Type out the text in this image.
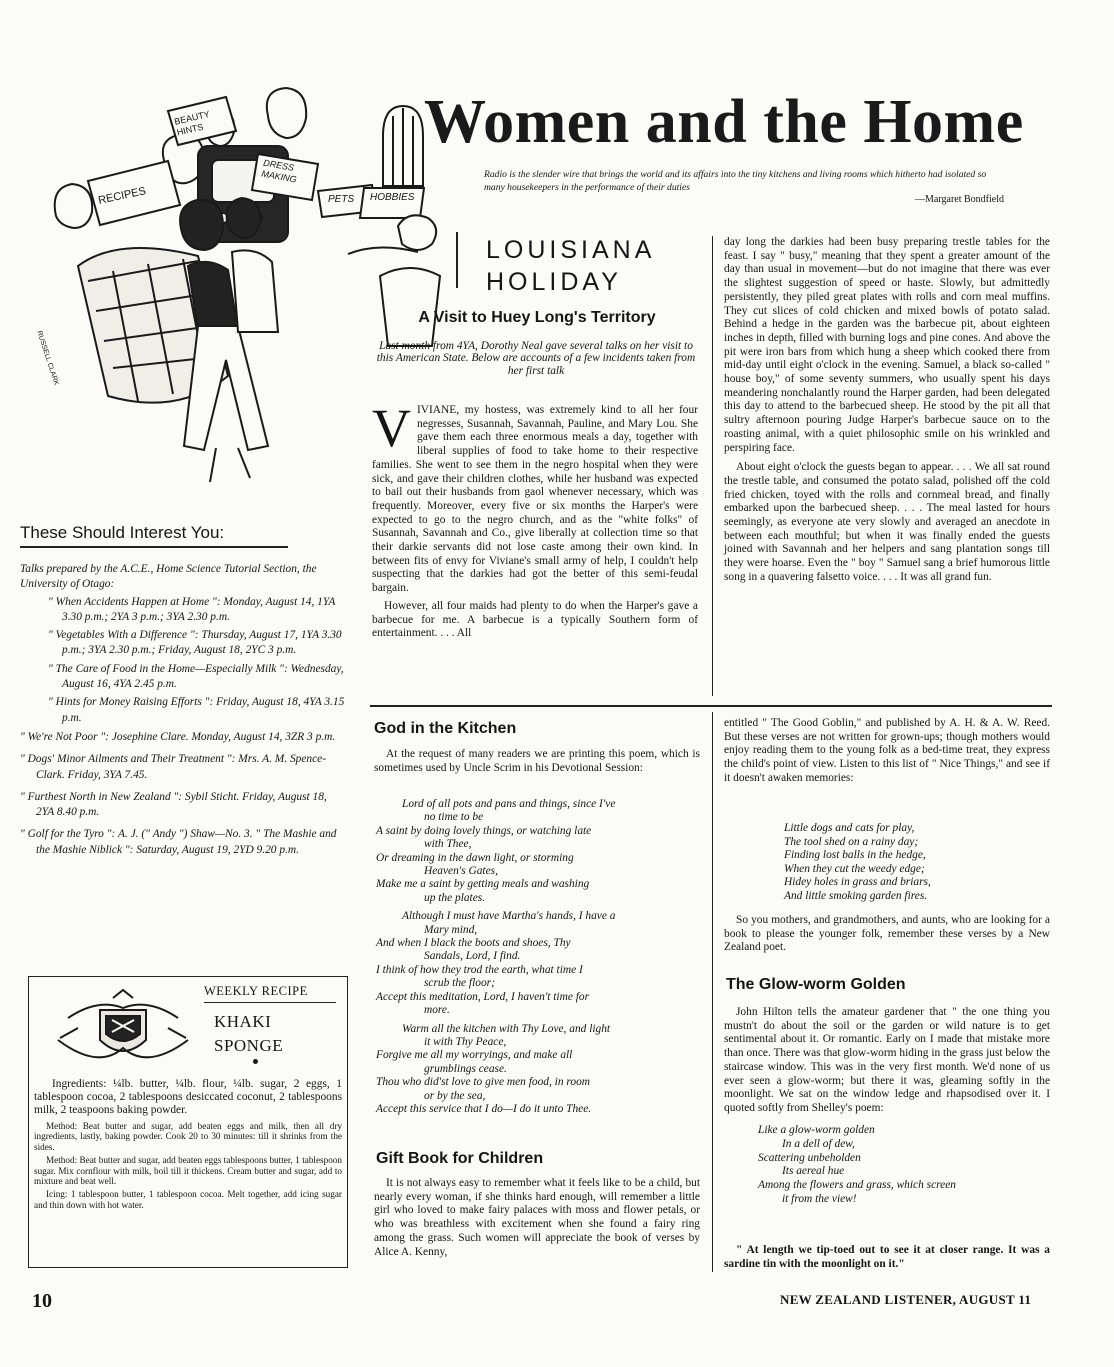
BEAUTY HINTS
RECIPES
DRESS MAKING
PETS HOBBIES
RUSSELL CLARK
Women and the Home

Radio is the slender wire that brings the world and its affairs into the tiny kitchens and living rooms which hitherto had isolated so many housekeepers in the performance of their duties

—Margaret Bondfield

LOUISIANA
HOLIDAY
A Visit to Huey Long's Territory

Last month from 4YA, Dorothy Neal gave several talks on her visit to this American State. Below are accounts of a few incidents taken from her first talk

VIVIANE, my hostess, was extremely kind to all her four negresses, Susannah, Savannah, Pauline, and Mary Lou. She gave them each three enormous meals a day, together with liberal supplies of food to take home to their respective families. She went to see them in the negro hospital when they were sick, and gave their children clothes, while her husband was expected to bail out their husbands from gaol whenever necessary, which was frequently. Moreover, every five or six months the Harper's were expected to go to the negro church, and as the "white folks" of Susannah, Savannah and Co., give liberally at collection time so that their darkie servants did not lose caste among their own kind. In between fits of envy for Viviane's small army of help, I couldn't help suspecting that the darkies had got the better of this semi-feudal bargain.

However, all four maids had plenty to do when the Harper's gave a barbecue for me. A barbecue is a typically Southern form of entertainment. . . . All

day long the darkies had been busy preparing trestle tables for the feast. I say " busy," meaning that they spent a greater amount of the day than usual in movement—but do not imagine that there was ever the slightest suggestion of speed or haste. Slowly, but admittedly persistently, they piled great plates with rolls and corn meal muffins. They cut slices of cold chicken and mixed bowls of potato salad. Behind a hedge in the garden was the barbecue pit, about eighteen inches in depth, filled with burning logs and pine cones. And above the pit were iron bars from which hung a sheep which cooked there from mid-day until eight o'clock in the evening. Samuel, a black so-called " house boy," of some seventy summers, who usually spent his days meandering nonchalantly round the Harper garden, had been delegated this day to attend to the barbecued sheep. He stood by the pit all that sultry afternoon pouring Judge Harper's barbecue sauce on to the roasting animal, with a quiet philosophic smile on his wrinkled and perspiring face.

About eight o'clock the guests began to appear. . . . We all sat round the trestle table, and consumed the potato salad, polished off the cold fried chicken, toyed with the rolls and cornmeal bread, and finally embarked upon the barbecued sheep. . . . The meal lasted for hours seemingly, as everyone ate very slowly and averaged an anecdote in between each mouthful; but when it was finally ended the guests joined with Savannah and her helpers and sang plantation songs till they were hoarse. Even the " boy " Samuel sang a brief humorous little song in a quavering falsetto voice. . . . It was all grand fun.

These Should Interest You:

Talks prepared by the A.C.E., Home Science Tutorial Section, the University of Otago:

" When Accidents Happen at Home ": Monday, August 14, 1YA 3.30 p.m.; 2YA 3 p.m.; 3YA 2.30 p.m.

" Vegetables With a Difference ": Thursday, August 17, 1YA 3.30 p.m.; 3YA 2.30 p.m.; Friday, August 18, 2YC 3 p.m.

" The Care of Food in the Home—Especially Milk ": Wednesday, August 16, 4YA 2.45 p.m.

" Hints for Money Raising Efforts ": Friday, August 18, 4YA 3.15 p.m.

" We're Not Poor ": Josephine Clare. Monday, August 14, 3ZR 3 p.m.

" Dogs' Minor Ailments and Their Treatment ": Mrs. A. M. Spence-Clark. Friday, 3YA 7.45.

" Furthest North in New Zealand ": Sybil Sticht. Friday, August 18, 2YA 8.40 p.m.

" Golf for the Tyro ": A. J. (" Andy ") Shaw—No. 3. " The Mashie and the Mashie Niblick ": Saturday, August 19, 2YD 9.20 p.m.

WEEKLY RECIPE
KHAKI
SPONGE

Ingredients: ¼lb. butter, ¼lb. flour, ¼lb. sugar, 2 eggs, 1 tablespoon cocoa, 2 tablespoons desiccated coconut, 2 tablespoons milk, 2 teaspoons baking powder.

Method: Beat butter and sugar, add beaten eggs and milk, then all dry ingredients, lastly, baking powder. Cook 20 to 30 minutes: till it shrinks from the sides.

Method: Beat butter and sugar, add beaten eggs tablespoons butter, 1 tablespoon sugar. Mix cornflour with milk, boil till it thickens. Cream butter and sugar, add to mixture and beat well.

Icing: 1 tablespoon butter, 1 tablespoon cocoa. Melt together, add icing sugar and thin down with hot water.

God in the Kitchen

At the request of many readers we are printing this poem, which is sometimes used by Uncle Scrim in his Devotional Session:

Lord of all pots and pans and things, since I've
no time to be
A saint by doing lovely things, or watching late
with Thee,
Or dreaming in the dawn light, or storming
Heaven's Gates,
Make me a saint by getting meals and washing
up the plates.
Although I must have Martha's hands, I have a
Mary mind,
And when I black the boots and shoes, Thy
Sandals, Lord, I find.
I think of how they trod the earth, what time I
scrub the floor;
Accept this meditation, Lord, I haven't time for
more.
Warm all the kitchen with Thy Love, and light
it with Thy Peace,
Forgive me all my worryings, and make all
grumblings cease.
Thou who did'st love to give men food, in room
or by the sea,
Accept this service that I do—I do it unto Thee.
Gift Book for Children

It is not always easy to remember what it feels like to be a child, but nearly every woman, if she thinks hard enough, will remember a little girl who loved to make fairy palaces with moss and flower petals, or who was breathless with excitement when she found a fairy ring among the grass. Such women will appreciate the book of verses by Alice A. Kenny,

entitled " The Good Goblin," and published by A. H. & A. W. Reed. But these verses are not written for grown-ups; though mothers would enjoy reading them to the young folk as a bed-time treat, they express the child's point of view. Listen to this list of " Nice Things," and see if it doesn't awaken memories:

Little dogs and cats for play,
The tool shed on a rainy day;
Finding lost balls in the hedge,
When they cut the weedy edge;
Hidey holes in grass and briars,
And little smoking garden fires.

So you mothers, and grandmothers, and aunts, who are looking for a book to please the younger folk, remember these verses by a New Zealand poet.

The Glow-worm Golden

John Hilton tells the amateur gardener that " the one thing you mustn't do about the soil or the garden or wild nature is to get sentimental about it. Or romantic. Early on I made that mistake more than once. There was that glow-worm hiding in the grass just below the staircase window. This was in the very first month. We'd none of us ever seen a glow-worm; but there it was, gleaming softly in the moonlight. We sat on the window ledge and rhapsodised over it. I quoted softly from Shelley's poem:

Like a glow-worm golden
In a dell of dew,
Scattering unbeholden
Its aereal hue
Among the flowers and grass, which screen
it from the view!

" At length we tip-toed out to see it at closer range. It was a sardine tin with the moonlight on it."

10	NEW ZEALAND LISTENER, AUGUST 11
